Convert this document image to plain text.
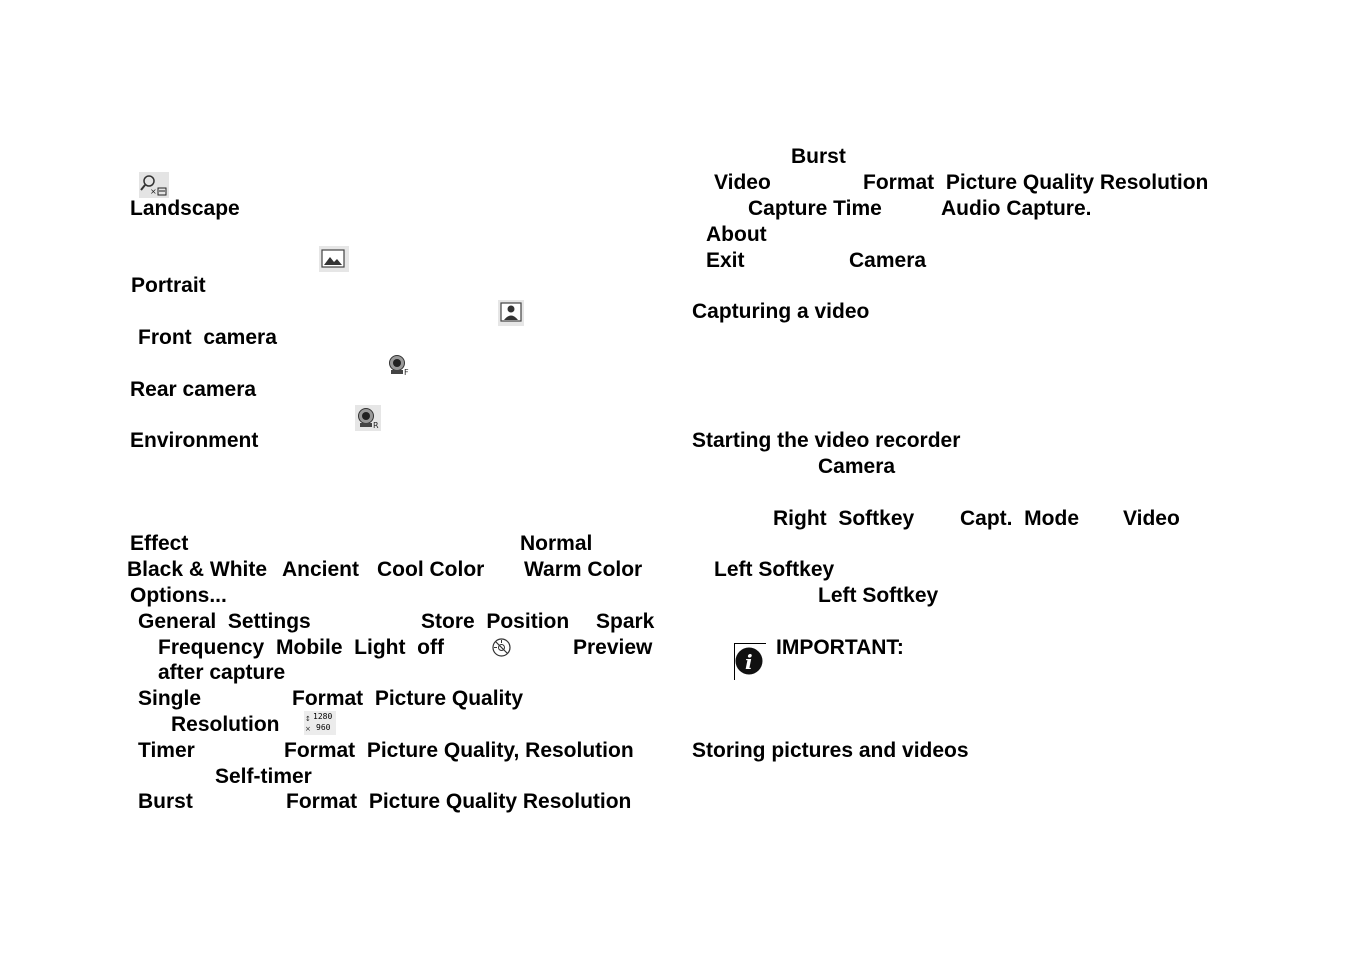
×
Landscape
Portrait
Front  camera
F
Rear camera
R
Environment
Effect	Normal
Black & White Ancient Cool Color Warm Color
Options...
General  Settings	Store  Position Spark
Frequency Mobile  Light  off	Preview
after capture
Single	Format  Picture Quality
Resolution	↕
×
1280
960
Timer	Format  Picture Quality, Resolution
Self-timer
Burst	Format  Picture Quality Resolution
Burst
Video	Format  Picture Quality Resolution
Capture Time	Audio Capture.
About
Exit	Camera
Capturing a video
Starting the video recorder
Camera
Right  Softkey Capt.  Mode Video
Left Softkey
Left Softkey
i
IMPORTANT:
Storing pictures and videos
